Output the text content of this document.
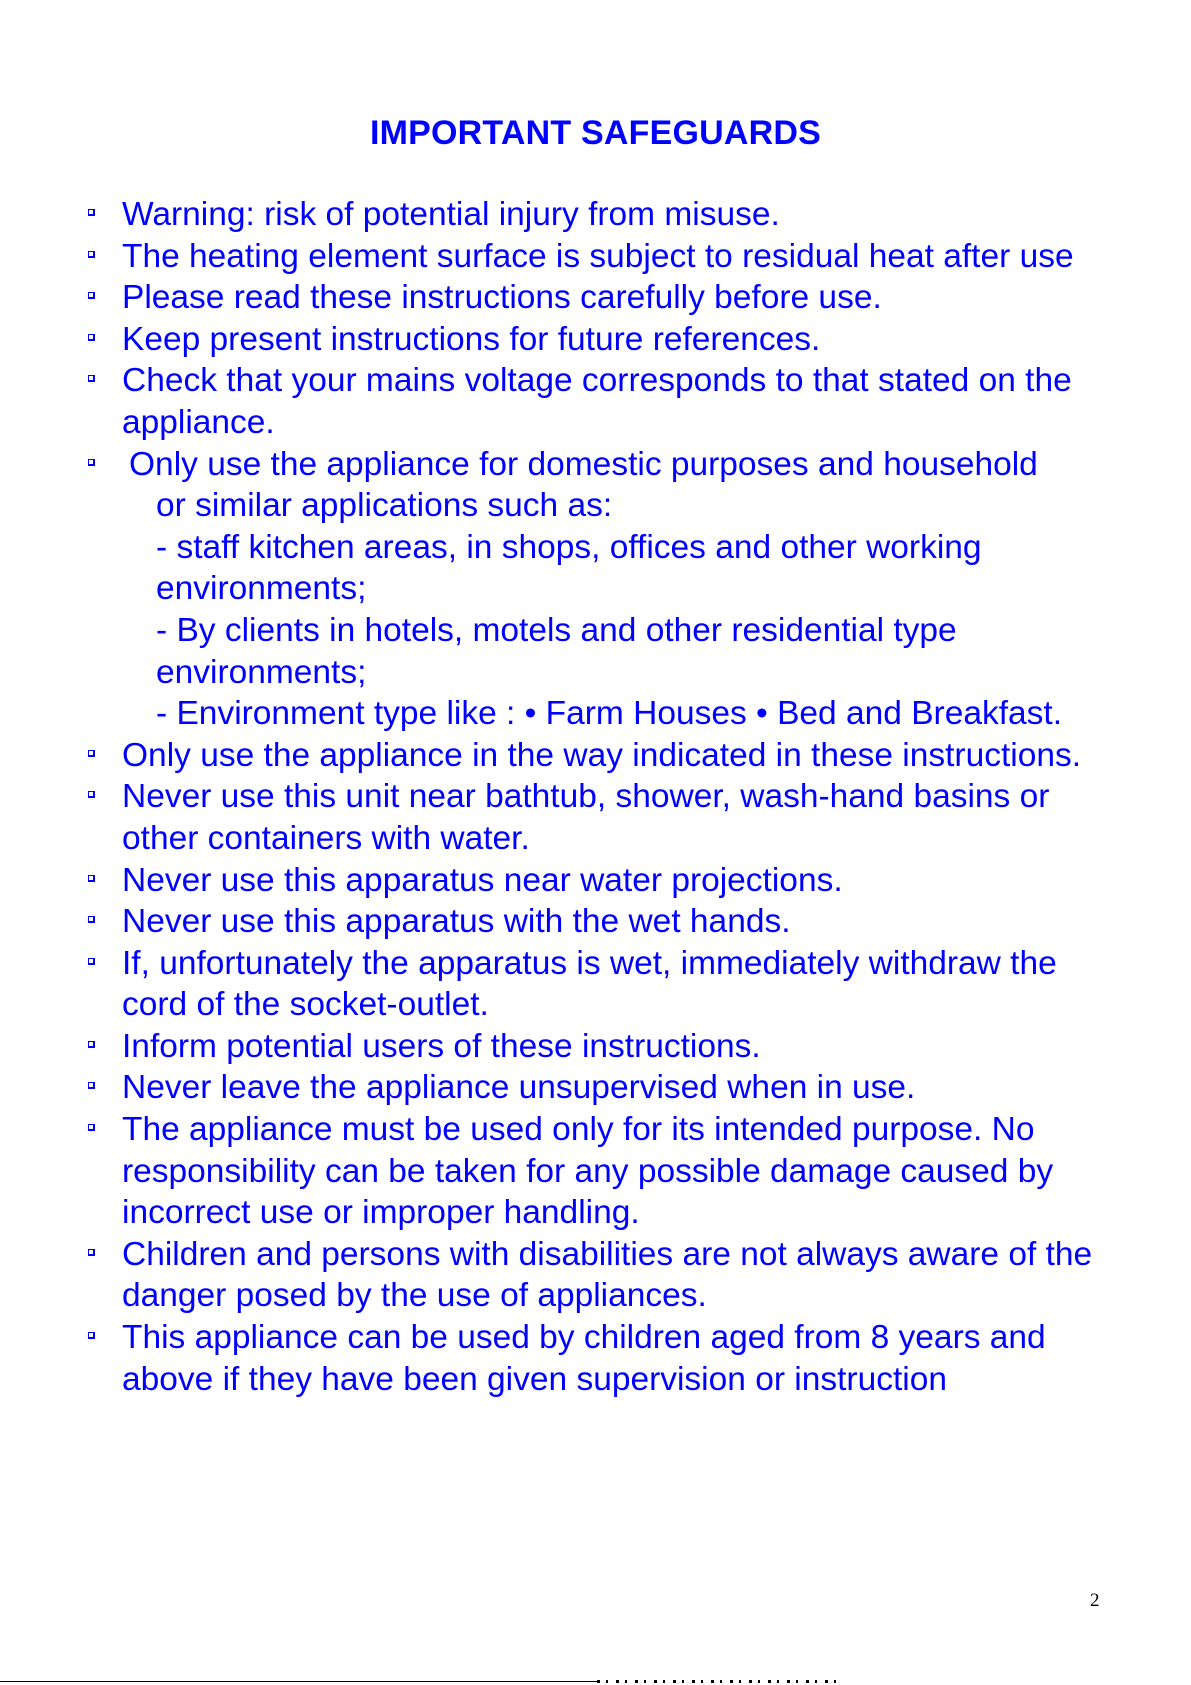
IMPORTANT SAFEGUARDS
Warning: risk of potential injury from misuse.
The heating element surface is subject to residual heat after use
Please read these instructions carefully before use.
Keep present instructions for future references.
Check that your mains voltage corresponds to that stated on the appliance.
Only use the appliance for domestic purposes and household
or similar applications such as:
- staff kitchen areas, in shops, offices and other working environments;
- By clients in hotels, motels and other residential type environments;
- Environment type like : • Farm Houses • Bed and Breakfast.
Only use the appliance in the way indicated in these instructions.
Never use this unit near bathtub, shower, wash-hand basins or other containers with water.
Never use this apparatus near water projections.
Never use this apparatus with the wet hands.
If, unfortunately the apparatus is wet, immediately withdraw the cord of the socket-outlet.
Inform potential users of these instructions.
Never leave the appliance unsupervised when in use.
The appliance must be used only for its intended purpose. No responsibility can be taken for any possible damage caused by incorrect use or improper handling.
Children and persons with disabilities are not always aware of the danger posed by the use of appliances.
This appliance can be used by children aged from 8 years and above if they have been given supervision or instruction
2
